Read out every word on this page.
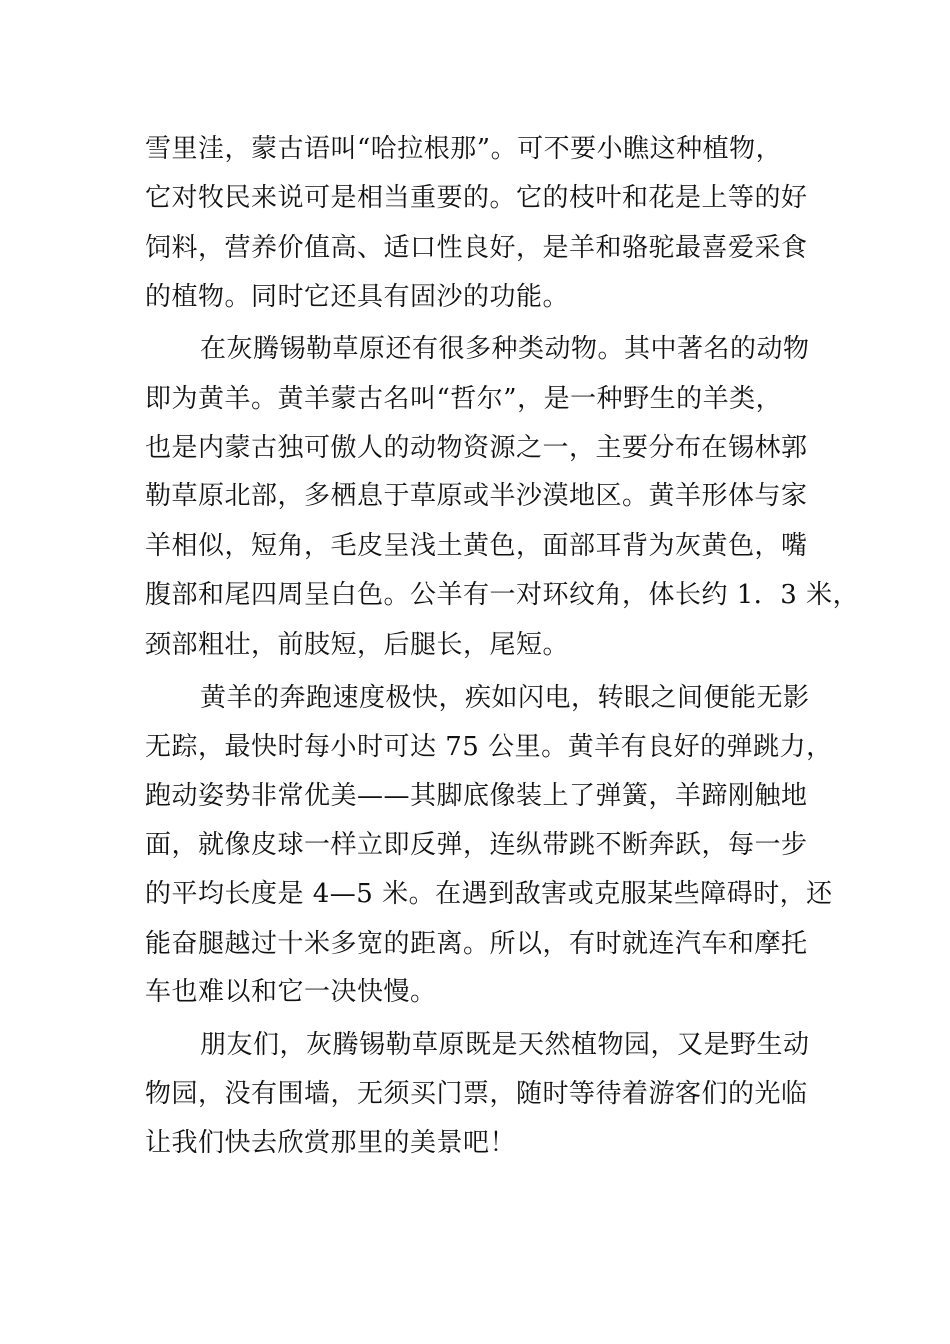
雪里洼，蒙古语叫“哈拉根那”。可不要小瞧这种植物，
它对牧民来说可是相当重要的。它的枝叶和花是上等的好
饲料，营养价值高、适口性良好，是羊和骆驼最喜爱采食
的植物。同时它还具有固沙的功能。
在灰腾锡勒草原还有很多种类动物。其中著名的动物
即为黄羊。黄羊蒙古名叫“哲尔”，是一种野生的羊类，
也是内蒙古独可傲人的动物资源之一，主要分布在锡林郭
勒草原北部，多栖息于草原或半沙漠地区。黄羊形体与家
羊相似，短角，毛皮呈浅土黄色，面部耳背为灰黄色，嘴
腹部和尾四周呈白色。公羊有一对环纹角，体长约 1．3 米，
颈部粗壮，前肢短，后腿长，尾短。
黄羊的奔跑速度极快，疾如闪电，转眼之间便能无影
无踪，最快时每小时可达 75 公里。黄羊有良好的弹跳力，
跑动姿势非常优美——其脚底像装上了弹簧，羊蹄刚触地
面，就像皮球一样立即反弹，连纵带跳不断奔跃，每一步
的平均长度是 4—5 米。在遇到敌害或克服某些障碍时，还
能奋腿越过十米多宽的距离。所以，有时就连汽车和摩托
车也难以和它一决快慢。
朋友们，灰腾锡勒草原既是天然植物园，又是野生动
物园，没有围墙，无须买门票，随时等待着游客们的光临
让我们快去欣赏那里的美景吧！
